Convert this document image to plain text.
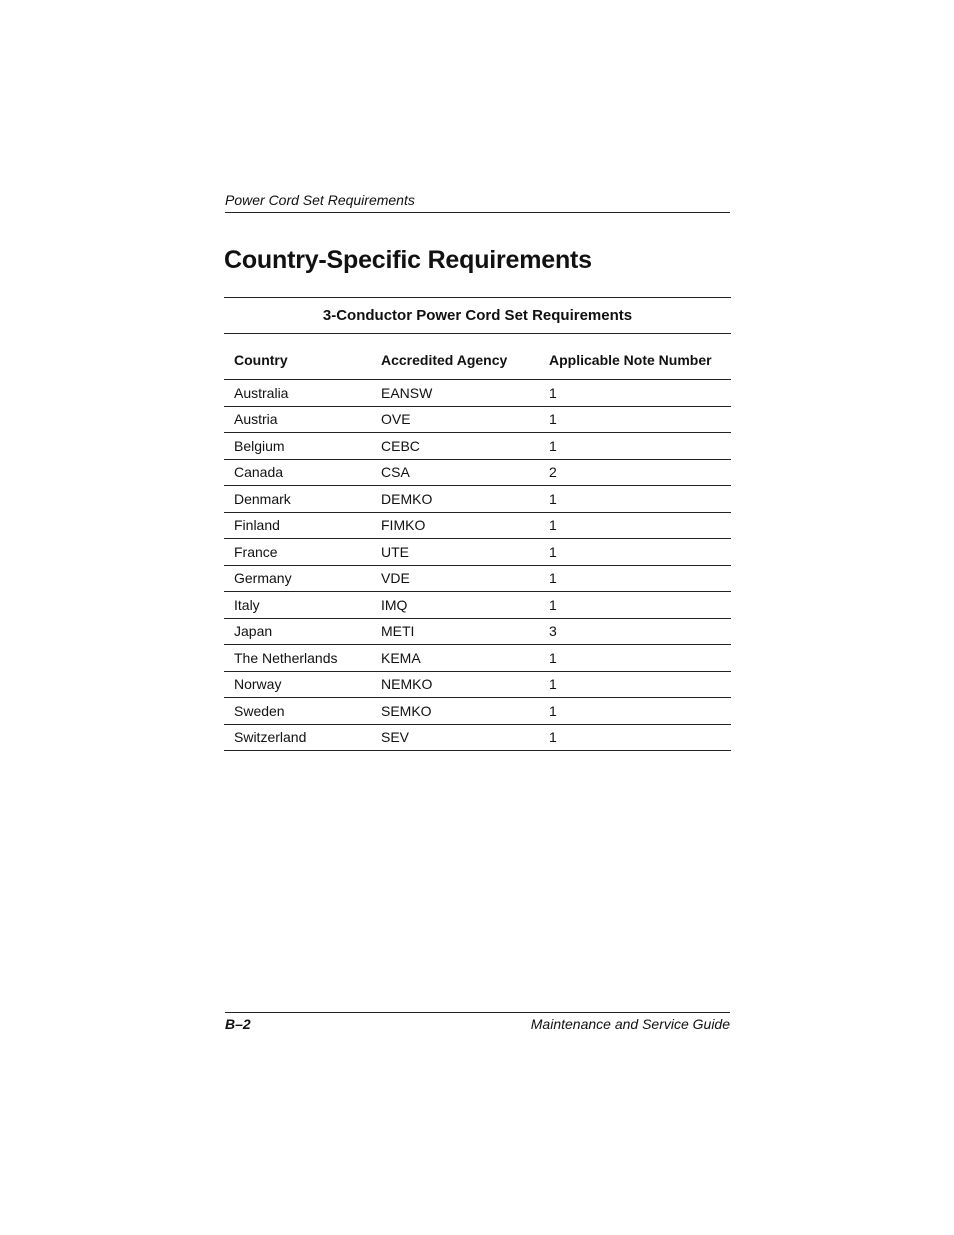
Power Cord Set Requirements
Country-Specific Requirements
3-Conductor Power Cord Set Requirements		
Country	Accredited Agency	Applicable Note Number
Australia	EANSW	1
Austria	OVE	1
Belgium	CEBC	1
Canada	CSA	2
Denmark	DEMKO	1
Finland	FIMKO	1
France	UTE	1
Germany	VDE	1
Italy	IMQ	1
Japan	METI	3
The Netherlands	KEMA	1
Norway	NEMKO	1
Sweden	SEMKO	1
Switzerland	SEV	1
B–2	Maintenance and Service Guide
